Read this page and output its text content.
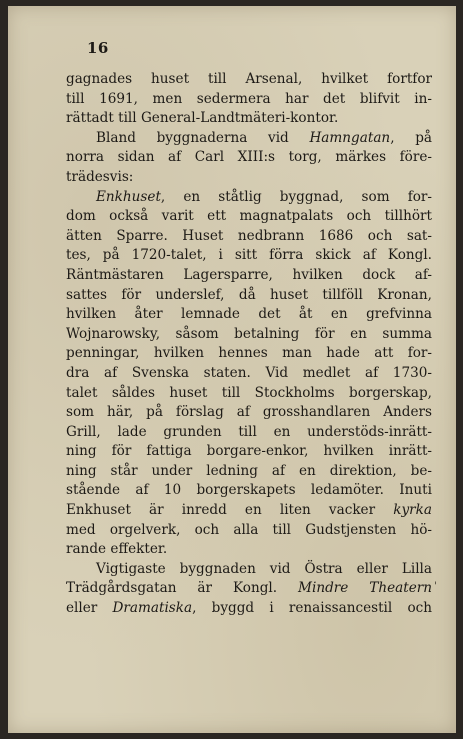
16
gagnades huset till Arsenal, hvilket fortfor
till 1691, men sedermera har det blifvit in-
rättadt till General-Landtmäteri-kontor.
Bland byggnaderna vid Hamngatan, på
norra sidan af Carl XIII:s torg, märkes före-
trädesvis:
Enkhuset, en ståtlig byggnad, som for-
dom också varit ett magnatpalats och tillhört
ätten Sparre. Huset nedbrann 1686 och sat-
tes, på 1720-talet, i sitt förra skick af Kongl.
Räntmästaren Lagersparre, hvilken dock af-
sattes för underslef, då huset tillföll Kronan,
hvilken åter lemnade det åt en grefvinna
Wojnarowsky, såsom betalning för en summa
penningar, hvilken hennes man hade att for-
dra af Svenska staten. Vid medlet af 1730-
talet såldes huset till Stockholms borgerskap,
som här, på förslag af grosshandlaren Anders
Grill, lade grunden till en understöds-inrätt-
ning för fattiga borgare-enkor, hvilken inrätt-
ning står under ledning af en direktion, be-
stående af 10 borgerskapets ledamöter. Inuti
Enkhuset är inredd en liten vacker kyrka
med orgelverk, och alla till Gudstjensten hö-
rande effekter.
Vigtigaste byggnaden vid Östra eller Lilla
Trädgårdsgatan är Kongl. Mindre Theatern
eller Dramatiska, byggd i renaissancestil och
'
